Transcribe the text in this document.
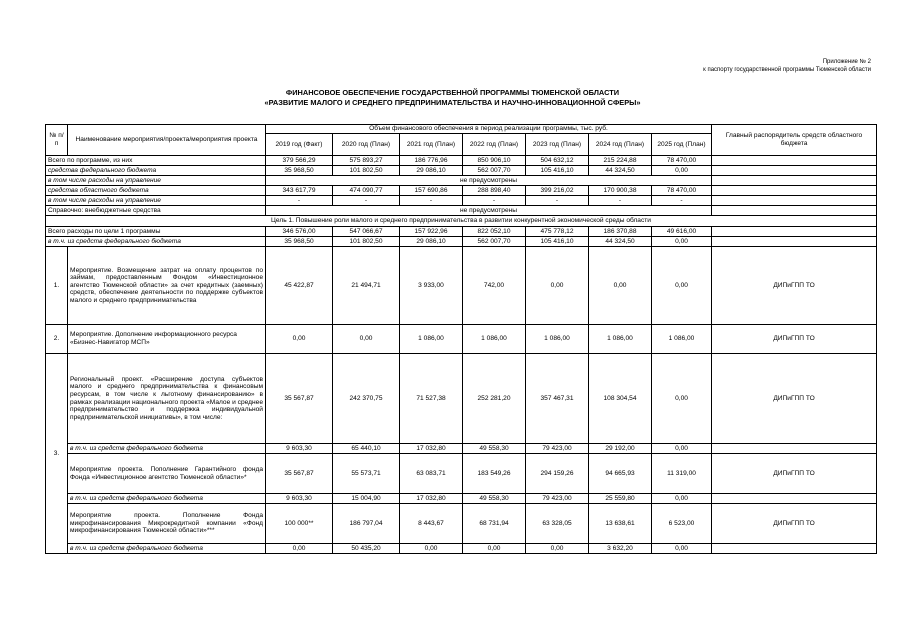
Приложение № 2
к паспорту государственной программы Тюменской области
ФИНАНСОВОЕ ОБЕСПЕЧЕНИЕ ГОСУДАРСТВЕННОЙ ПРОГРАММЫ ТЮМЕНСКОЙ ОБЛАСТИ
«РАЗВИТИЕ МАЛОГО И СРЕДНЕГО ПРЕДПРИНИМАТЕЛЬСТВА И НАУЧНО-ИННОВАЦИОННОЙ СФЕРЫ»
№ п/п	Наименование мероприятия/проекта/мероприятия проекта	Объем финансового обеспечения в период реализации программы, тыс. руб.							Главный распорядитель средств областного бюджета
		2019 год (Факт)	2020 год (План)	2021 год (План)	2022 год (План)	2023 год (План)	2024 год (План)	2025 год (План)	
Всего по программе, из них		379 566,29	575 893,27	186 776,96	850 906,10	504 632,12	215 224,88	78 470,00	
средства федерального бюджета		35 968,50	101 802,50	29 086,10	562 007,70	105 416,10	44 324,50	0,00	
в том числе расходы на управление		не предусмотрены							
средства областного бюджета		343 617,79	474 090,77	157 690,86	288 898,40	399 216,02	170 900,38	78 470,00	
в том числе расходы на управление		-	-	-	-	-	-	-	
Справочно: внебюджетные средства		не предусмотрены							
Цель 1. Повышение роли малого и среднего предпринимательства в развитии конкурентной экономической среды области									
Всего расходы по цели 1 программы		346 576,00	547 066,67	157 922,96	822 052,10	475 778,12	186 370,88	49 616,00	
в т.ч. из средств федерального бюджета		35 968,50	101 802,50	29 086,10	562 007,70	105 416,10	44 324,50	0,00	
1.	Мероприятие. Возмещение затрат на оплату процентов по займам, предоставленным Фондом «Инвестиционное агентство Тюменской области» за счет кредитных (заемных) средств, обеспечение деятельности по поддержке субъектов малого и среднего предпринимательства	45 422,87	21 494,71	3 933,00	742,00	0,00	0,00	0,00	ДИПиГПП ТО
2.	Мероприятие. Дополнение информационного ресурса «Бизнес-Навигатор МСП»	0,00	0,00	1 086,00	1 086,00	1 086,00	1 086,00	1 086,00	ДИПиГПП ТО
3.	Региональный проект. «Расширение доступа субъектов малого и среднего предпринимательства к финансовым ресурсам, в том числе к льготному финансированию» в рамках реализации национального проекта «Малое и среднее предпринимательство и поддержка индивидуальной предпринимательской инициативы», в том числе:	35 567,87	242 370,75	71 527,38	252 281,20	357 467,31	108 304,54	0,00	ДИПиГПП ТО
	в т.ч. из средств федерального бюджета	9 603,30	65 440,10	17 032,80	49 558,30	79 423,00	29 192,00	0,00	
	Мероприятие проекта. Пополнение Гарантийного фонда Фонда «Инвестиционное агентство Тюменской области»*	35 567,87	55 573,71	63 083,71	183 549,26	294 159,26	94 665,93	11 319,00	ДИПиГПП ТО
	в т.ч. из средств федерального бюджета	9 603,30	15 004,90	17 032,80	49 558,30	79 423,00	25 559,80	0,00	
	Мероприятие проекта. Пополнение Фонда микрофинансирования Микрокредитной компании «Фонд микрофинансирования Тюменской области»***	100 000**	186 797,04	8 443,67	68 731,94	63 328,05	13 638,61	6 523,00	ДИПиГПП ТО
	в т.ч. из средств федерального бюджета	0,00	50 435,20	0,00	0,00	0,00	3 632,20	0,00	
